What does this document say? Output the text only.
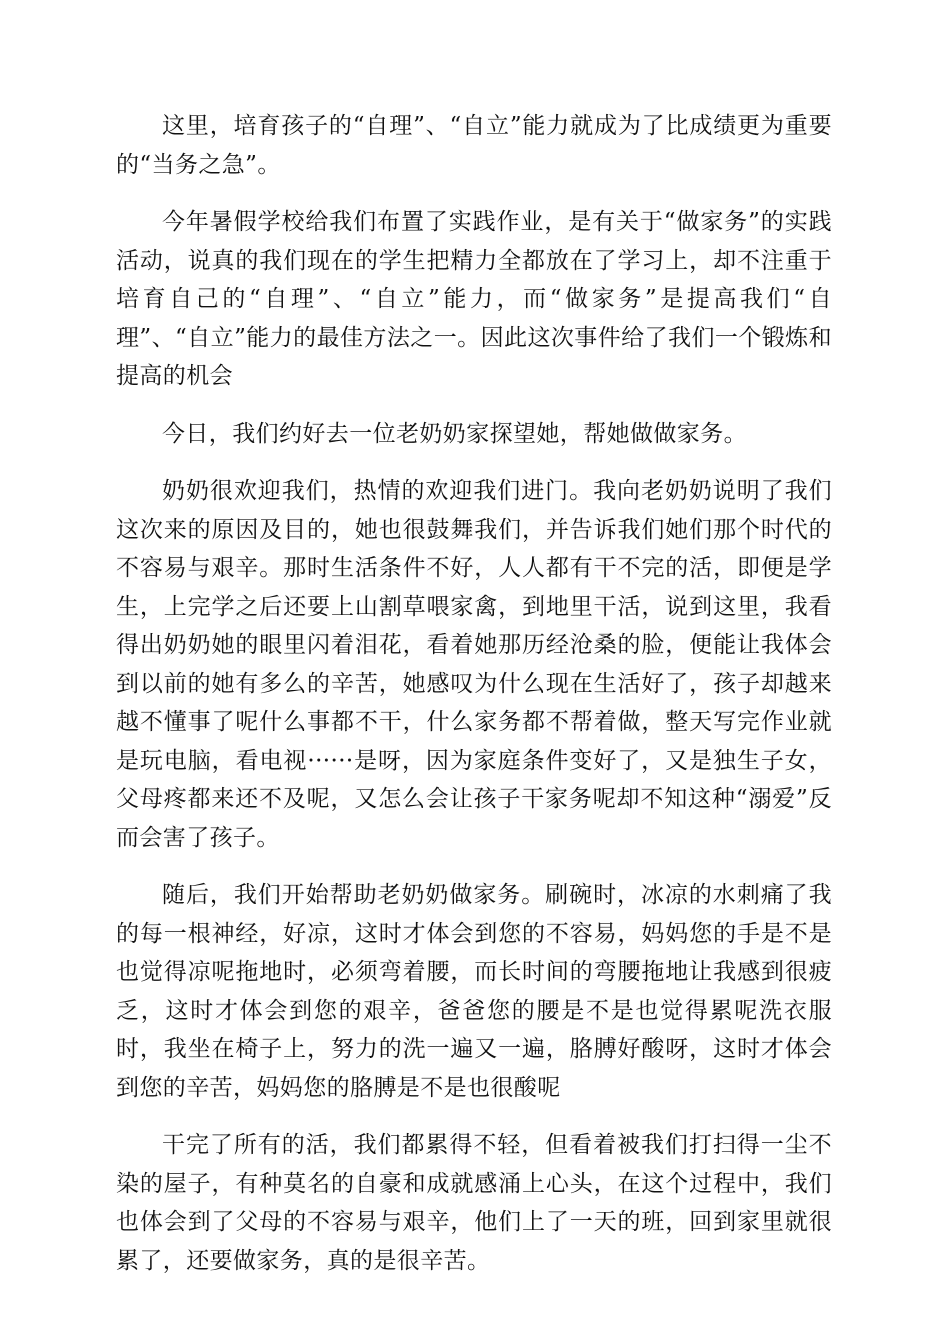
这里，培育孩子的“自理”、“自立”能力就成为了比成绩更为重要的“当务之急”。

今年暑假学校给我们布置了实践作业，是有关于“做家务”的实践活动，说真的我们现在的学生把精力全都放在了学习上，却不注重于培育自己的“自理”、“自立”能力，而“做家务”是提高我们“自理”、“自立”能力的最佳方法之一。因此这次事件给了我们一个锻炼和提高的机会

今日，我们约好去一位老奶奶家探望她，帮她做做家务。

奶奶很欢迎我们，热情的欢迎我们进门。我向老奶奶说明了我们这次来的原因及目的，她也很鼓舞我们，并告诉我们她们那个时代的不容易与艰辛。那时生活条件不好，人人都有干不完的活，即便是学生，上完学之后还要上山割草喂家禽，到地里干活，说到这里，我看得出奶奶她的眼里闪着泪花，看着她那历经沧桑的脸，便能让我体会到以前的她有多么的辛苦，她感叹为什么现在生活好了，孩子却越来越不懂事了呢什么事都不干，什么家务都不帮着做，整天写完作业就是玩电脑，看电视······是呀，因为家庭条件变好了，又是独生子女，父母疼都来还不及呢，又怎么会让孩子干家务呢却不知这种“溺爱”反而会害了孩子。

随后，我们开始帮助老奶奶做家务。刷碗时，冰凉的水刺痛了我的每一根神经，好凉，这时才体会到您的不容易，妈妈您的手是不是也觉得凉呢拖地时，必须弯着腰，而长时间的弯腰拖地让我感到很疲乏，这时才体会到您的艰辛，爸爸您的腰是不是也觉得累呢洗衣服时，我坐在椅子上，努力的洗一遍又一遍，胳膊好酸呀，这时才体会到您的辛苦，妈妈您的胳膊是不是也很酸呢

干完了所有的活，我们都累得不轻，但看着被我们打扫得一尘不染的屋子，有种莫名的自豪和成就感涌上心头，在这个过程中，我们也体会到了父母的不容易与艰辛，他们上了一天的班，回到家里就很累了，还要做家务，真的是很辛苦。
